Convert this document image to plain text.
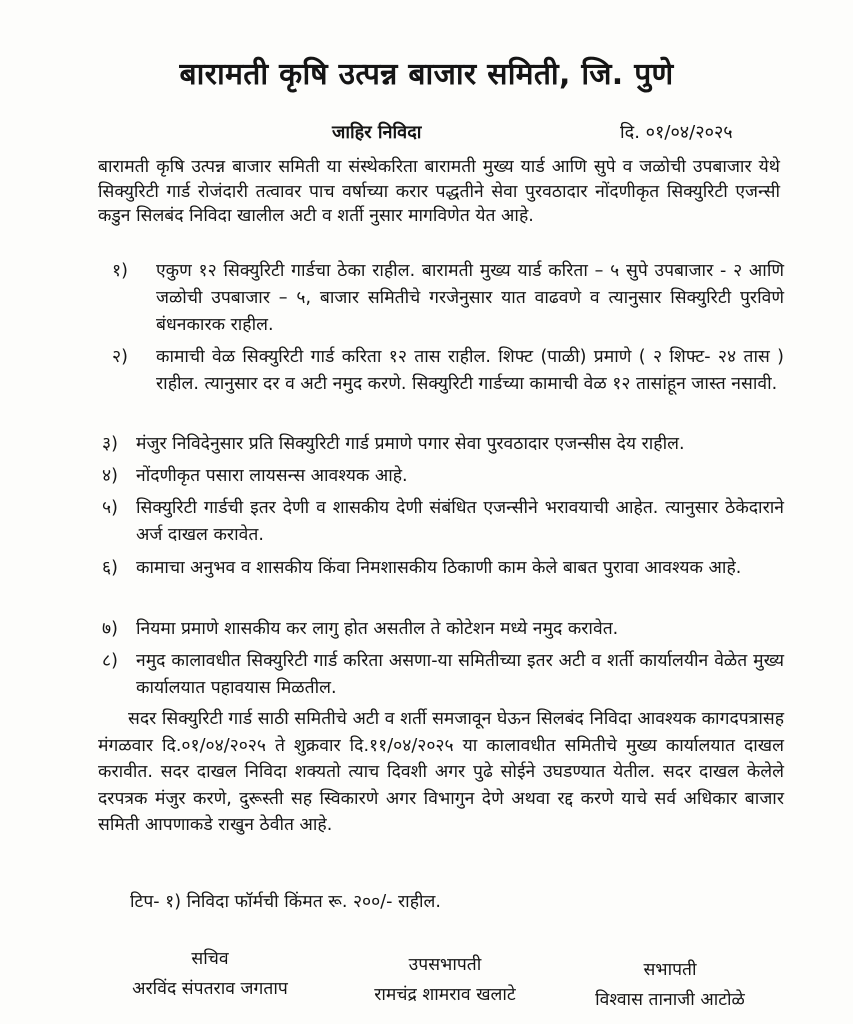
बारामती कृषि उत्पन्न बाजार समिती, जि. पुणे
जाहिर निविदा	दि. ०१/०४/२०२५
बारामती कृषि उत्पन्न बाजार समिती या संस्थेकरिता बारामती मुख्य यार्ड आणि सुपे व जळोची उपबाजार येथे सिक्युरिटी गार्ड रोजंदारी तत्वावर पाच वर्षाच्या करार पद्धतीने सेवा पुरवठादार नोंदणीकृत सिक्युरिटी एजन्सी कडुन सिलबंद निविदा खालील अटी व शर्ती नुसार मागविणेत येत आहे.
१)	एकुण १२ सिक्युरिटी गार्डचा ठेका राहील. बारामती मुख्य यार्ड करिता – ५ सुपे उपबाजार - २ आणि जळोची उपबाजार – ५, बाजार समितीचे गरजेनुसार यात वाढवणे व त्यानुसार सिक्युरिटी पुरविणे बंधनकारक राहील.
२)	कामाची वेळ सिक्युरिटी गार्ड करिता १२ तास राहील. शिफ्ट (पाळी) प्रमाणे ( २ शिफ्ट- २४ तास ) राहील. त्यानुसार दर व अटी नमुद करणे. सिक्युरिटी गार्डच्या कामाची वेळ १२ तासांहून जास्त नसावी.
३)	मंजुर निविदेनुसार प्रति सिक्युरिटी गार्ड प्रमाणे पगार सेवा पुरवठादार एजन्सीस देय राहील.
४)	नोंदणीकृत पसारा लायसन्स आवश्यक आहे.
५)	सिक्युरिटी गार्डची इतर देणी व शासकीय देणी संबंधित एजन्सीने भरावयाची आहेत. त्यानुसार ठेकेदाराने अर्ज दाखल करावेत.
६)	कामाचा अनुभव व शासकीय किंवा निमशासकीय ठिकाणी काम केले बाबत पुरावा आवश्यक आहे.
७)	नियमा प्रमाणे शासकीय कर लागु होत असतील ते कोटेशन मध्ये नमुद करावेत.
८)	नमुद कालावधीत सिक्युरिटी गार्ड करिता असणा-या समितीच्या इतर अटी व शर्ती कार्यालयीन वेळेत मुख्य कार्यालयात पहावयास मिळतील.
सदर सिक्युरिटी गार्ड साठी समितीचे अटी व शर्ती समजावून घेऊन सिलबंद निविदा आवश्यक कागदपत्रासह मंगळवार दि.०१/०४/२०२५ ते शुक्रवार दि.११/०४/२०२५ या कालावधीत समितीचे मुख्य कार्यालयात दाखल करावीत. सदर दाखल निविदा शक्यतो त्याच दिवशी अगर पुढे सोईने उघडण्यात येतील. सदर दाखल केलेले दरपत्रक मंजुर करणे, दुरूस्ती सह स्विकारणे अगर विभागुन देणे अथवा रद्द करणे याचे सर्व अधिकार बाजार समिती आपणाकडे राखुन ठेवीत आहे.
टिप- १) निविदा फॉर्मची किंमत रू. २००/- राहील.
सचिव
अरविंद संपतराव जगताप
उपसभापती
रामचंद्र शामराव खलाटे
सभापती
विश्वास तानाजी आटोळे
